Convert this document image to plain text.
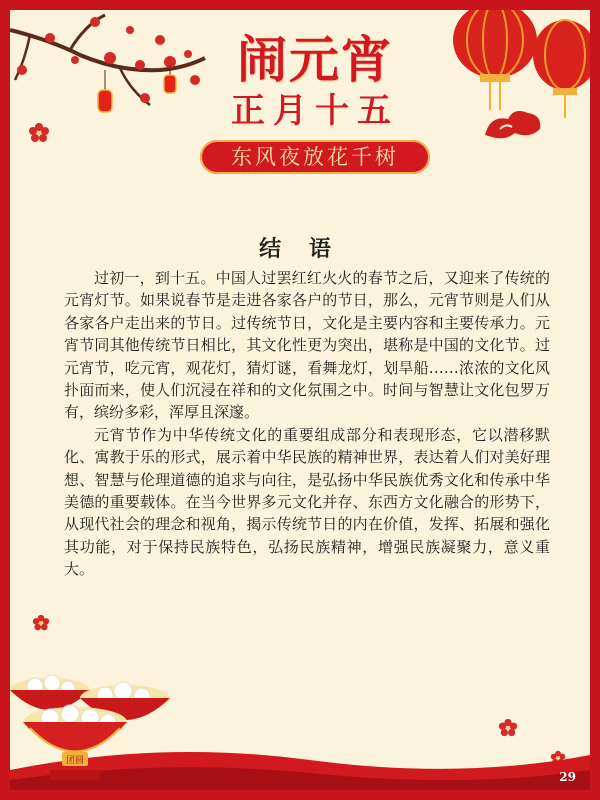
闹元宵
正月十五
东风夜放花千树
结 语

过初一，到十五。中国人过罢红红火火的春节之后，又迎来了传统的元宵灯节。如果说春节是走进各家各户的节日，那么，元宵节则是人们从各家各户走出来的节日。过传统节日，文化是主要内容和主要传承力。元宵节同其他传统节日相比，其文化性更为突出，堪称是中国的文化节。过元宵节，吃元宵，观花灯，猜灯谜，看舞龙灯，划旱船……浓浓的文化风扑面而来，使人们沉浸在祥和的文化氛围之中。时间与智慧让文化包罗万有，缤纷多彩，浑厚且深邃。

元宵节作为中华传统文化的重要组成部分和表现形态，它以潜移默化、寓教于乐的形式，展示着中华民族的精神世界，表达着人们对美好理想、智慧与伦理道德的追求与向往，是弘扬中华民族优秀文化和传承中华美德的重要载体。在当今世界多元文化并存、东西方文化融合的形势下，从现代社会的理念和视角，揭示传统节日的内在价值，发挥、拓展和强化其功能，对于保持民族特色，弘扬民族精神，增强民族凝聚力，意义重大。

团圆
29
